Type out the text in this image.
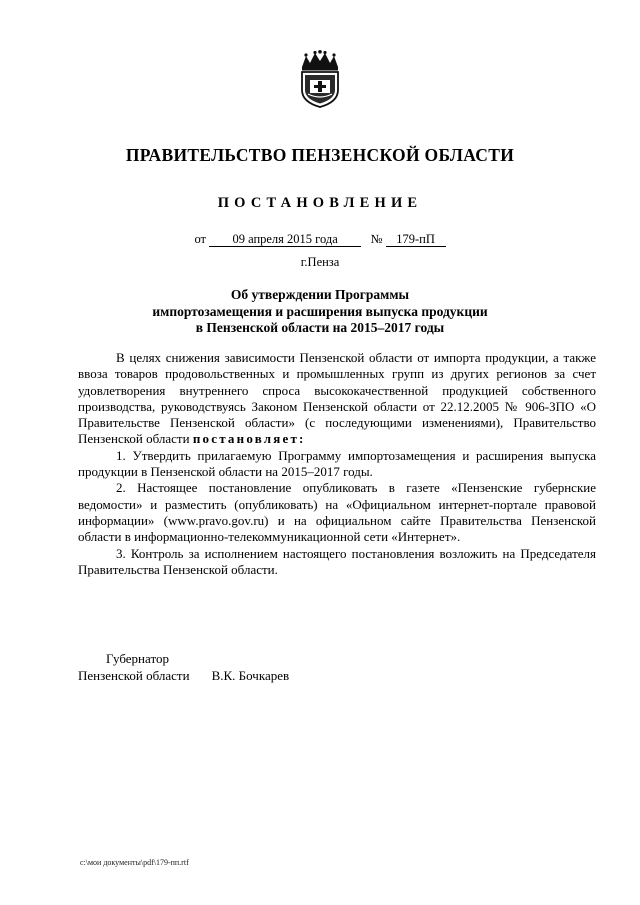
ПРАВИТЕЛЬСТВО ПЕНЗЕНСКОЙ ОБЛАСТИ
ПОСТАНОВЛЕНИЕ
от 09 апреля 2015 года	№ 179-пП
г.Пенза
Об утверждении Программы
импортозамещения и расширения выпуска продукции
в Пензенской области на 2015–2017 годы

В целях снижения зависимости Пензенской области от импорта продукции, а также ввоза товаров продовольственных и промышленных групп из других регионов за счет удовлетворения внутреннего спроса высококачественной продукцией собственного производства, руководствуясь Законом Пензенской области от 22.12.2005 № 906-ЗПО «О Правительстве Пензенской области» (с последующими изменениями), Правительство Пензенской области постановляет:

1. Утвердить прилагаемую Программу импортозамещения и расширения выпуска продукции в Пензенской области на 2015–2017 годы.

2. Настоящее постановление опубликовать в газете «Пензенские губернские ведомости» и разместить (опубликовать) на «Официальном интернет-портале правовой информации» (www.pravo.gov.ru) и на официальном сайте Правительства Пензенской области в информационно-телекоммуникационной сети «Интернет».

3. Контроль за исполнением настоящего постановления возложить на Председателя Правительства Пензенской области.

Губернатор
Пензенской области В.К. Бочкарев
c:\мои документы\pdf\179-пп.rtf
